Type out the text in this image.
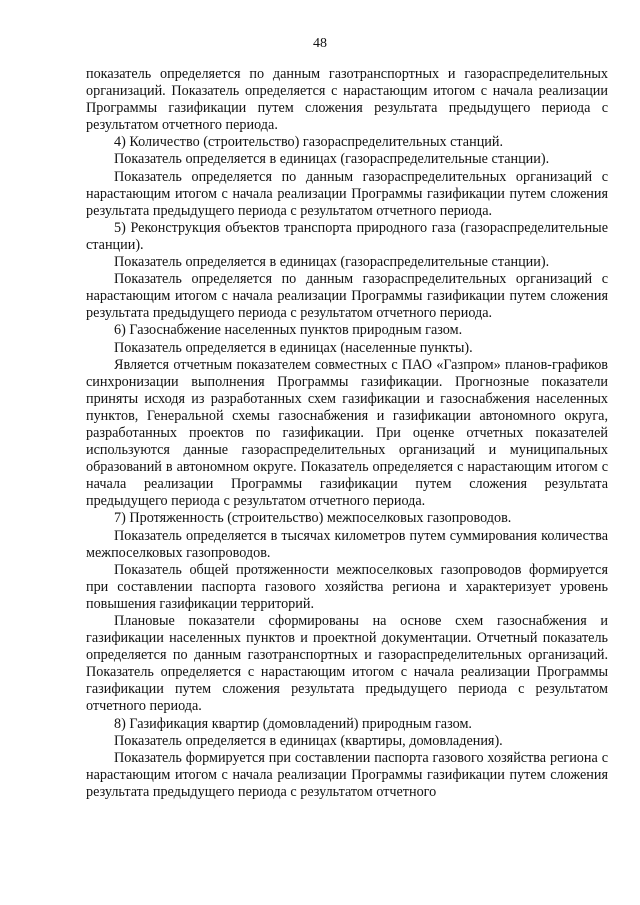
48

показатель определяется по данным газотранспортных и газораспределительных организаций. Показатель определяется с нарастающим итогом с начала реализации Программы газификации путем сложения результата предыдущего периода с результатом отчетного периода.

4) Количество (строительство) газораспределительных станций.

Показатель определяется в единицах (газораспределительные станции).

Показатель определяется по данным газораспределительных организаций с нарастающим итогом с начала реализации Программы газификации путем сложения результата предыдущего периода с результатом отчетного периода.

5) Реконструкция объектов транспорта природного газа (газораспределительные станции).

Показатель определяется в единицах (газораспределительные станции).

Показатель определяется по данным газораспределительных организаций с нарастающим итогом с начала реализации Программы газификации путем сложения результата предыдущего периода с результатом отчетного периода.

6) Газоснабжение населенных пунктов природным газом.

Показатель определяется в единицах (населенные пункты).

Является отчетным показателем совместных с ПАО «Газпром» планов-графиков синхронизации выполнения Программы газификации. Прогнозные показатели приняты исходя из разработанных схем газификации и газоснабжения населенных пунктов, Генеральной схемы газоснабжения и газификации автономного округа, разработанных проектов по газификации. При оценке отчетных показателей используются данные газораспределительных организаций и муниципальных образований в автономном округе. Показатель определяется с нарастающим итогом с начала реализации Программы газификации путем сложения результата предыдущего периода с результатом отчетного периода.

7) Протяженность (строительство) межпоселковых газопроводов.

Показатель определяется в тысячах километров путем суммирования количества межпоселковых газопроводов.

Показатель общей протяженности межпоселковых газопроводов формируется при составлении паспорта газового хозяйства региона и характеризует уровень повышения газификации территорий.

Плановые показатели сформированы на основе схем газоснабжения и газификации населенных пунктов и проектной документации. Отчетный показатель определяется по данным газотранспортных и газораспределительных организаций. Показатель определяется с нарастающим итогом с начала реализации Программы газификации путем сложения результата предыдущего периода с результатом отчетного периода.

8) Газификация квартир (домовладений) природным газом.

Показатель определяется в единицах (квартиры, домовладения).

Показатель формируется при составлении паспорта газового хозяйства региона с нарастающим итогом с начала реализации Программы газификации путем сложения результата предыдущего периода с результатом отчетного
